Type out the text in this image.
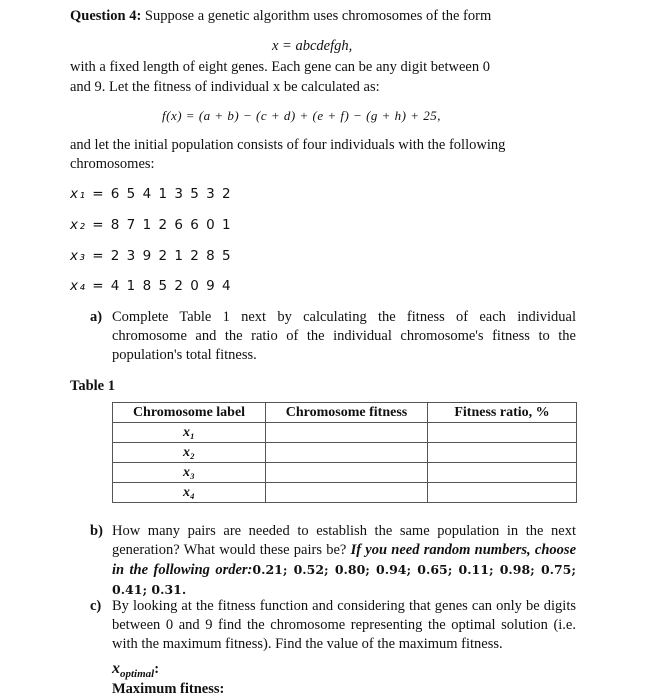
Question 4: Suppose a genetic algorithm uses chromosomes of the form
x = abcdefgh,
with a fixed length of eight genes. Each gene can be any digit between 0
and 9. Let the fitness of individual x be calculated as:
f(x) = (a + b) − (c + d) + (e + f) − (g + h) + 25,
and let the initial population consists of four individuals with the following
chromosomes:
x₁ = 6 5 4 1 3 5 3 2
x₂ = 8 7 1 2 6 6 0 1
x₃ = 2 3 9 2 1 2 8 5
x₄ = 4 1 8 5 2 0 9 4
a) Complete Table 1 next by calculating the fitness of each individual chromosome and the ratio of the individual chromosome's fitness to the population's total fitness.
Table 1
Chromosome label	Chromosome fitness	Fitness ratio, %
x₁		
x₂		
x₃		
x₄		
b) How many pairs are needed to establish the same population in the next generation? What would these pairs be? If you need random numbers, choose in the following order:0.21; 0.52; 0.80; 0.94; 0.65; 0.11; 0.98; 0.75; 0.41; 0.31.
c) By looking at the fitness function and considering that genes can only be digits between 0 and 9 find the chromosome representing the optimal solution (i.e. with the maximum fitness). Find the value of the maximum fitness.
$x_{optimal}$:
Maximum fitness:
